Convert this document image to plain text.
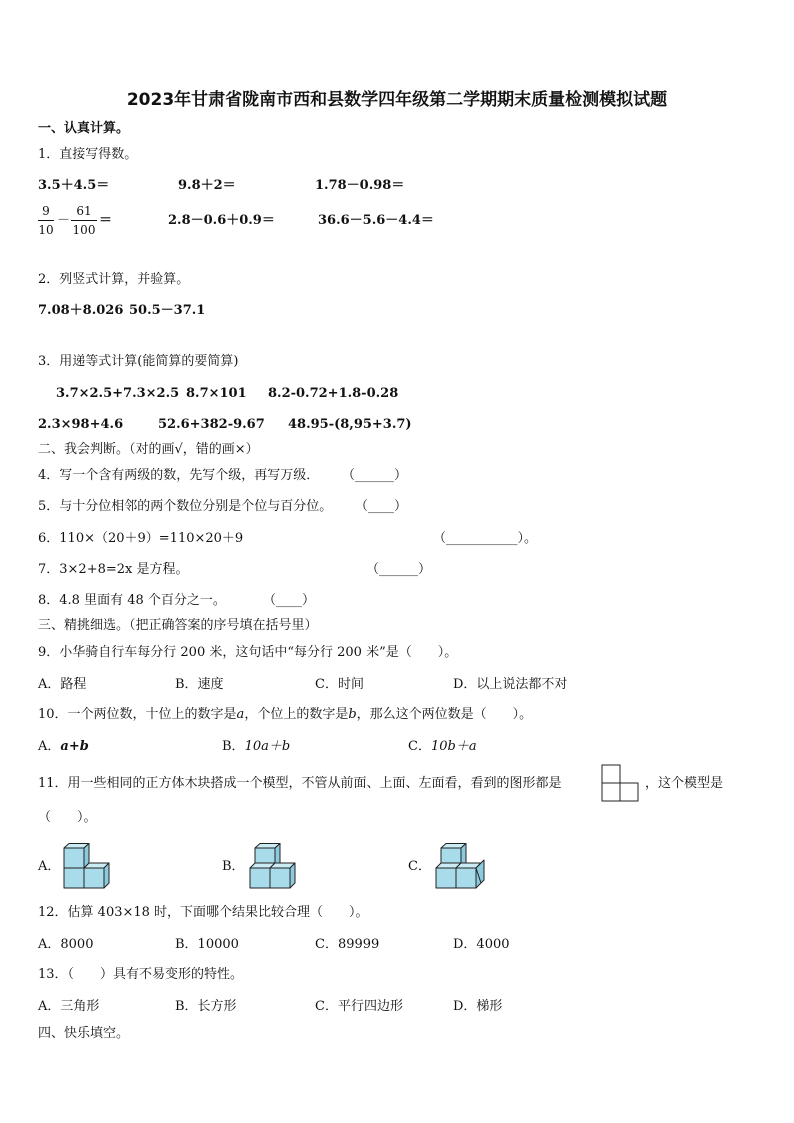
2023年甘肃省陇南市西和县数学四年级第二学期期末质量检测模拟试题
一、认真计算。
1．直接写得数。
3.5＋4.5＝	9.8＋2＝	1.78－0.98＝
9
10
－
61
100
＝	2.8－0.6＋0.9＝	36.6－5.6－4.4＝
2．列竖式计算，并验算。
7.08＋8.026 50.5－37.1
3．用递等式计算(能简算的要简算)
3.7×2.5+7.3×2.5 8.7×101 8.2-0.72+1.8-0.28
2.3×98+4.6	52.6+382-9.67 48.95-(8,95+3.7)
二、我会判断。（对的画√，错的画×）
4．写一个含有两级的数，先写个级，再写万级． （______）
5．与十分位相邻的两个数位分别是个位与百分位。 （____）
6．110×（20＋9）=110×20＋9	（___________）。
7．3×2+8=2x 是方程。	（______）
8．4.8 里面有 48 个百分之一。	（____）
三、精挑细选。（把正确答案的序号填在括号里）
9．小华骑自行车每分行 200 米，这句话中“每分行 200 米”是（　　）。
A．路程	B．速度	C．时间	D．以上说法都不对
10．一个两位数，十位上的数字是a，个位上的数字是b，那么这个两位数是（　　）。
A．a+b	B．10a＋b	C．10b＋a
11．用一些相同的正方体木块搭成一个模型，不管从前面、上面、左面看，看到的图形都是	，这个模型是
（　　）。
A．	B．	C．
12．估算 403×18 时，下面哪个结果比较合理（　　）。
A．8000	B．10000	C．89999	D．4000
13．（　　）具有不易变形的特性。
A．三角形	B．长方形	C．平行四边形	D．梯形
四、快乐填空。
